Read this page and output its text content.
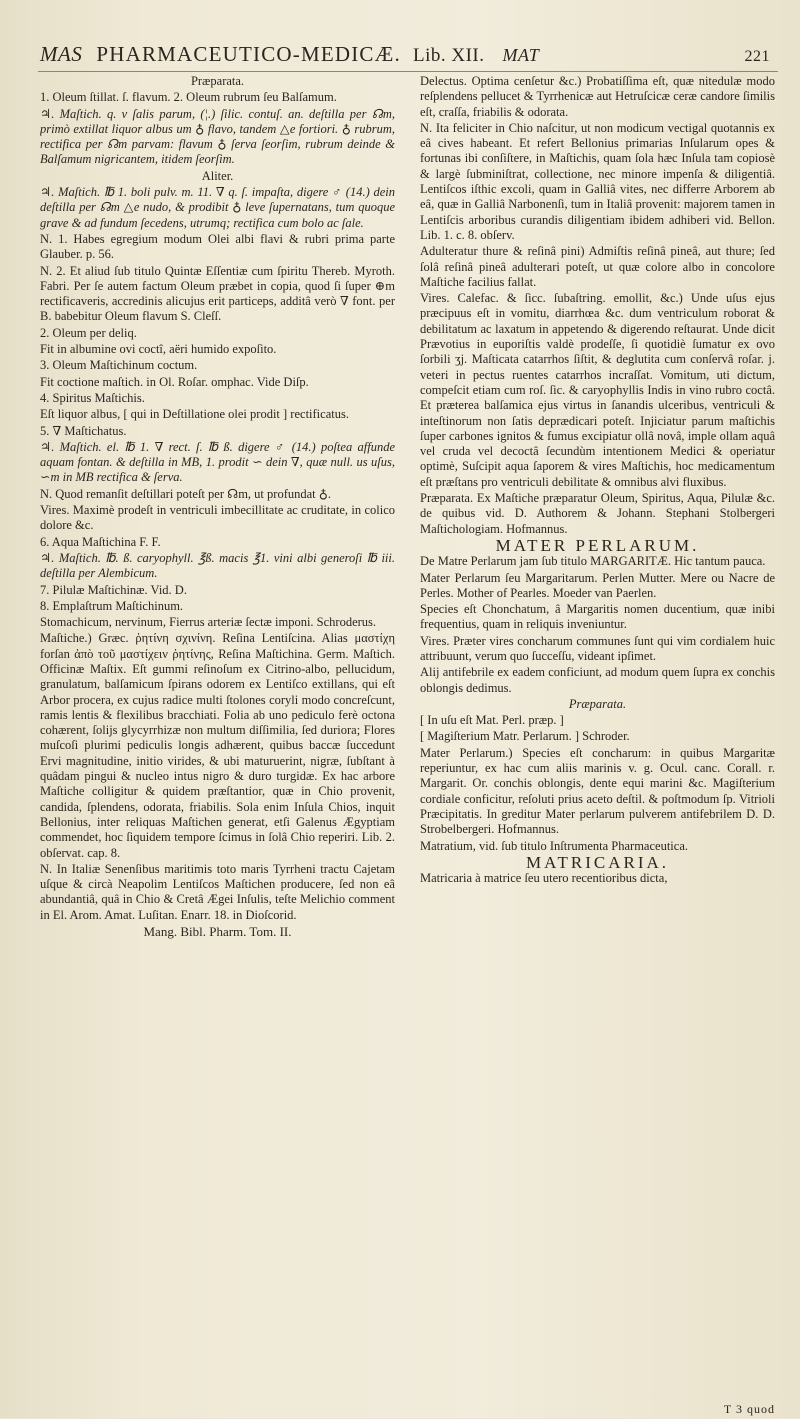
MAS PHARMACEUTICO-MEDICÆ. Lib. XII. MAT	221

Præparata.

1. Oleum ſtillat. ſ. flavum. 2. Oleum rubrum ſeu Balſamum.

♃. Maſtich. q. v ſalis parum, (¦.) ſilic. contuſ. an. deſtilla per ☊m, primò extillat liquor albus um ♁ flavo, tandem △e fortiori. ♁ rubrum, rectifica per ☊m parvam: flavum ♁ ſerva ſeorſim, rubrum deinde & Balſamum nigricantem, itidem ſeorſim.

Aliter.

♃. Maſtich. ℔ 1. boli pulv. m. 11. ∇ q. ſ. impaſta, digere ♂ (14.) dein deſtilla per ☊m △e nudo, & prodibit ♁ leve ſupernatans, tum quoque grave & ad fundum ſecedens, utrumq; rectifica cum bolo ac ſale.

N. 1. Habes egregium modum Olei albi flavi & rubri prima parte Glauber. p. 56.

N. 2. Et aliud ſub titulo Quintæ Eſſentiæ cum ſpiritu Thereb. Myroth. Fabri. Per ſe autem factum Oleum præbet in copia, quod ſi ſuper ⊕m rectificaveris, accredinis alicujus erit particeps, additâ verò ∇ font. per B. babebitur Oleum flavum S. Cleſſ.

2. Oleum per deliq.

Fit in albumine ovi coctî, aëri humido expoſito.

3. Oleum Maſtichinum coctum.

Fit coctione maſtich. in Ol. Roſar. omphac. Vide Diſp.

4. Spiritus Maſtichis.

Eſt liquor albus, [ qui in Deſtillatione olei prodit ] rectificatus.

5. ∇ Maſtichatus.

♃. Maſtich. el. ℔ 1. ∇ rect. ſ. ℔ ß. digere ♂ (14.) poſtea affunde aquam fontan. & deſtilla in MB, 1. prodit ∽ dein ∇, quæ null. us uſus, ∽m in MB rectifica & ſerva.

N. Quod remanſit deſtillari poteſt per ☊m, ut profundat ♁.

Vires. Maximè prodeſt in ventriculi imbecillitate ac cruditate, in colico dolore &c.

6. Aqua Maſtichina F. F.

♃. Maſtich. ℔. ß. caryophyll. ℥ß. macis ℥1. vini albi generoſi ℔ iii. deſtilla per Alembicum.

7. Pilulæ Maſtichinæ. Vid. D.

8. Emplaſtrum Maſtichinum.

Stomachicum, nervinum, Fierrus arteriæ ſectæ imponi. Schroderus.

Maſtiche.) Græc. ῥητίνη σχινίνη. Reſina Lentiſcina. Alias μαστίχη forſan ἀπὸ τοῦ μαστίχειν ῥητίνης, Reſina Maſtichina. Germ. Maſtich. Officinæ Maſtix. Eſt gummi reſinoſum ex Citrino-albo, pellucidum, granulatum, balſamicum ſpirans odorem ex Lentiſco extillans, qui eſt Arbor procera, ex cujus radice multi ſtolones coryli modo concreſcunt, ramis lentis & flexilibus bracchiati. Folia ab uno pediculo ferè octona cohærent, ſolijs glycyrrhizæ non multum diſſimilia, ſed duriora; Flores muſcoſi plurimi pediculis longis adhærent, quibus baccæ ſuccedunt Ervi magnitudine, initio virides, & ubi maturuerint, nigræ, ſubſtant à quâdam pingui & nucleo intus nigro & duro turgidæ. Ex hac arbore Maſtiche colligitur & quidem præſtantior, quæ in Chio provenit, candida, ſplendens, odorata, friabilis. Sola enim Inſula Chios, inquit Bellonius, inter reliquas Maſtichen generat, etſi Galenus Ægyptiam commendet, hoc ſiquidem tempore ſcimus in ſolâ Chio reperiri. Lib. 2. obſervat. cap. 8.

N. In Italiæ Senenſibus maritimis toto maris Tyrrheni tractu Cajetam uſque & circà Neapolim Lentiſcos Maſtichen producere, ſed non eâ abundantiâ, quâ in Chio & Cretâ Ægei Inſulis, teſte Melichio comment in El. Arom. Amat. Luſitan. Enarr. 18. in Dioſcorid.

Mang. Bibl. Pharm. Tom. II.

Delectus. Optima cenſetur &c.) Probatiſſima eſt, quæ nitedulæ modo reſplendens pellucet & Tyrrhenicæ aut Hetruſcicæ ceræ candore ſimilis eſt, craſſa, friabilis & odorata.

N. Ita feliciter in Chio naſcitur, ut non modicum vectigal quotannis ex eâ cives habeant. Et refert Bellonius primarias Inſularum opes & fortunas ibi conſiſtere, in Maſtichis, quam ſola hæc Inſula tam copiosè & largè ſubminiſtrat, collectione, nec minore impenſa & diligentiâ. Lentiſcos iſthic excoli, quam in Galliâ vites, nec differre Arborem ab eâ, quæ in Galliâ Narbonenſi, tum in Italiâ provenit: majorem tamen in Lentiſcis arboribus curandis diligentiam ibidem adhiberi vid. Bellon. Lib. 1. c. 8. obſerv.

Adulteratur thure & reſinâ pini) Admiſtis reſinâ pineâ, aut thure; ſed ſolâ reſinâ pineâ adulterari poteſt, ut quæ colore albo in concolore Maſtiche facilius fallat.

Vires. Calefac. & ſicc. ſubaſtring. emollit, &c.) Unde uſus ejus præcipuus eſt in vomitu, diarrhœa &c. dum ventriculum roborat & debilitatum ac laxatum in appetendo & digerendo reſtaurat. Unde dicit Prævotius in euporiſtis valdè prodeſſe, ſi quotidiè ſumatur ex ovo ſorbili ʒj. Maſticata catarrhos ſiſtit, & deglutita cum conſervâ roſar. j. veteri in pectus ruentes catarrhos incraſſat. Vomitum, uti dictum, compeſcit etiam cum roſ. ſic. & caryophyllis Indis in vino rubro coctâ. Et præterea balſamica ejus virtus in ſanandis ulceribus, ventriculi & inteſtinorum non ſatis deprædicari poteſt. Injiciatur parum maſtichis ſuper carbones ignitos & fumus excipiatur ollâ novâ, imple ollam aquâ vel cruda vel decoctâ ſecundùm intentionem Medici & operiatur optimè, Suſcipit aqua ſaporem & vires Maſtichis, hoc medicamentum eſt præſtans pro ventriculi debilitate & omnibus alvi fluxibus.

Præparata. Ex Maſtiche præparatur Oleum, Spiritus, Aqua, Pilulæ &c. de quibus vid. D. Authorem & Johann. Stephani Stolbergeri Maſtichologiam. Hofmannus.

MATER PERLARUM.

De Matre Perlarum jam ſub titulo MARGARITÆ. Hic tantum pauca.

Mater Perlarum ſeu Margaritarum. Perlen Mutter. Mere ou Nacre de Perles. Mother of Pearles. Moeder van Paerlen.

Species eſt Chonchatum, â Margaritis nomen ducentium, quæ inibi frequentius, quam in reliquis inveniuntur.

Vires. Præter vires concharum communes ſunt qui vim cordialem huic attribuunt, verum quo ſucceſſu, videant ipſimet.

Alij antifebrile ex eadem conficiunt, ad modum quem ſupra ex conchis oblongis dedimus.

Præparata.

[ In uſu eſt Mat. Perl. præp. ]

[ Magiſterium Matr. Perlarum. ] Schroder.

Mater Perlarum.) Species eſt concharum: in quibus Margaritæ reperiuntur, ex hac cum aliis marinis v. g. Ocul. canc. Corall. r. Margarit. Or. conchis oblongis, dente equi marini &c. Magiſterium cordiale conficitur, reſoluti prius aceto deſtil. & poſtmodum ſp. Vitrioli Præcipitatis. In greditur Mater perlarum pulverem antifebrilem D. D. Strobelbergeri. Hofmannus.

Matratium, vid. ſub titulo Inſtrumenta Pharmaceutica.

MATRICARIA.

Matricaria à matrice ſeu utero recentioribus dicta,

T 3 quod
